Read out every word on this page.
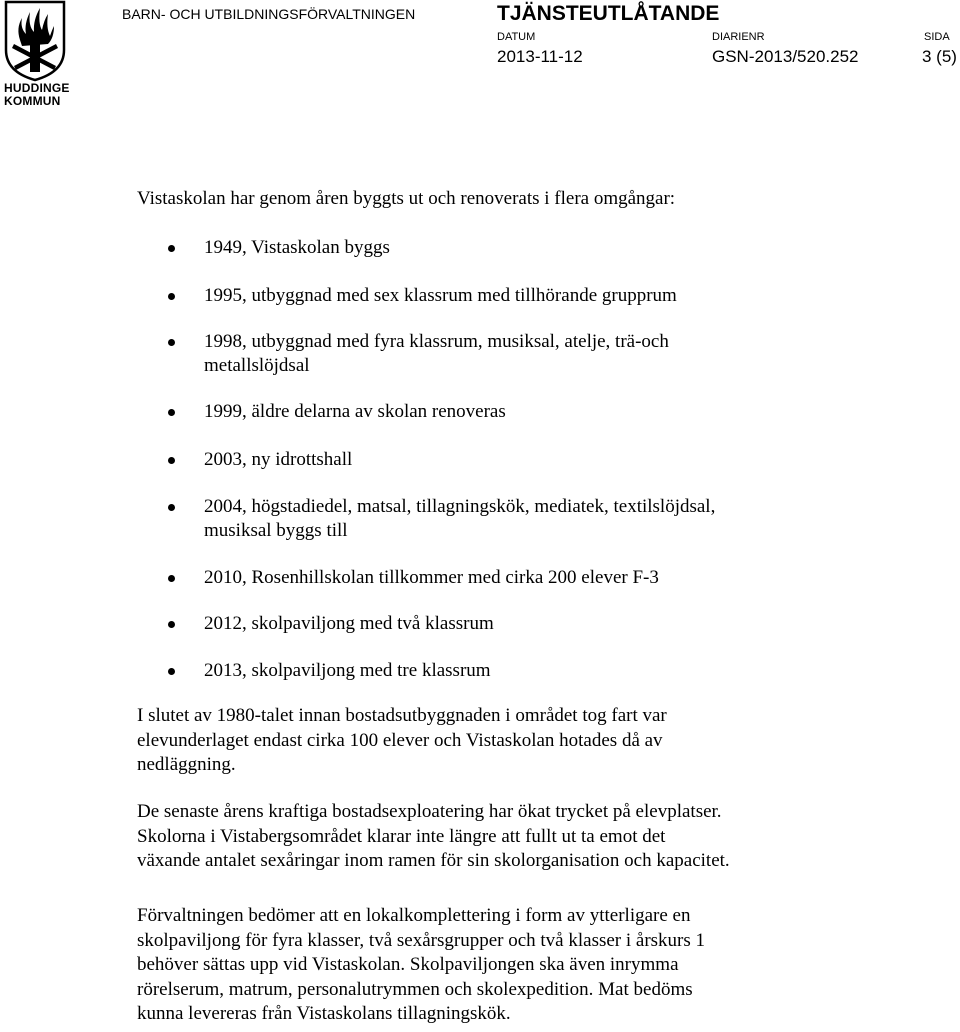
HUDDINGE
KOMMUN
BARN- OCH UTBILDNINGSFÖRVALTNINGEN	TJÄNSTEUTLÅTANDE
DATUM
2013-11-12
DIARIENR
GSN-2013/520.252
SIDA
3 (5)
Vistaskolan har genom åren byggts ut och renoverats i flera omgångar:
1949, Vistaskolan byggs
1995, utbyggnad med sex klassrum med tillhörande grupprum
1998, utbyggnad med fyra klassrum, musiksal, atelje, trä-och
metallslöjdsal
1999, äldre delarna av skolan renoveras
2003, ny idrottshall
2004, högstadiedel, matsal, tillagningskök, mediatek, textilslöjdsal,
musiksal byggs till
2010, Rosenhillskolan tillkommer med cirka 200 elever F-3
2012, skolpaviljong med två klassrum
2013, skolpaviljong med tre klassrum
I slutet av 1980-talet innan bostadsutbyggnaden i området tog fart var
elevunderlaget endast cirka 100 elever och Vistaskolan hotades då av
nedläggning.
De senaste årens kraftiga bostadsexploatering har ökat trycket på elevplatser.
Skolorna i Vistabergsområdet klarar inte längre att fullt ut ta emot det
växande antalet sexåringar inom ramen för sin skolorganisation och kapacitet.
Förvaltningen bedömer att en lokalkomplettering i form av ytterligare en
skolpaviljong för fyra klasser, två sexårsgrupper och två klasser i årskurs 1
behöver sättas upp vid Vistaskolan. Skolpaviljongen ska även inrymma
rörelserum, matrum, personalutrymmen och skolexpedition. Mat bedöms
kunna levereras från Vistaskolans tillagningskök.
